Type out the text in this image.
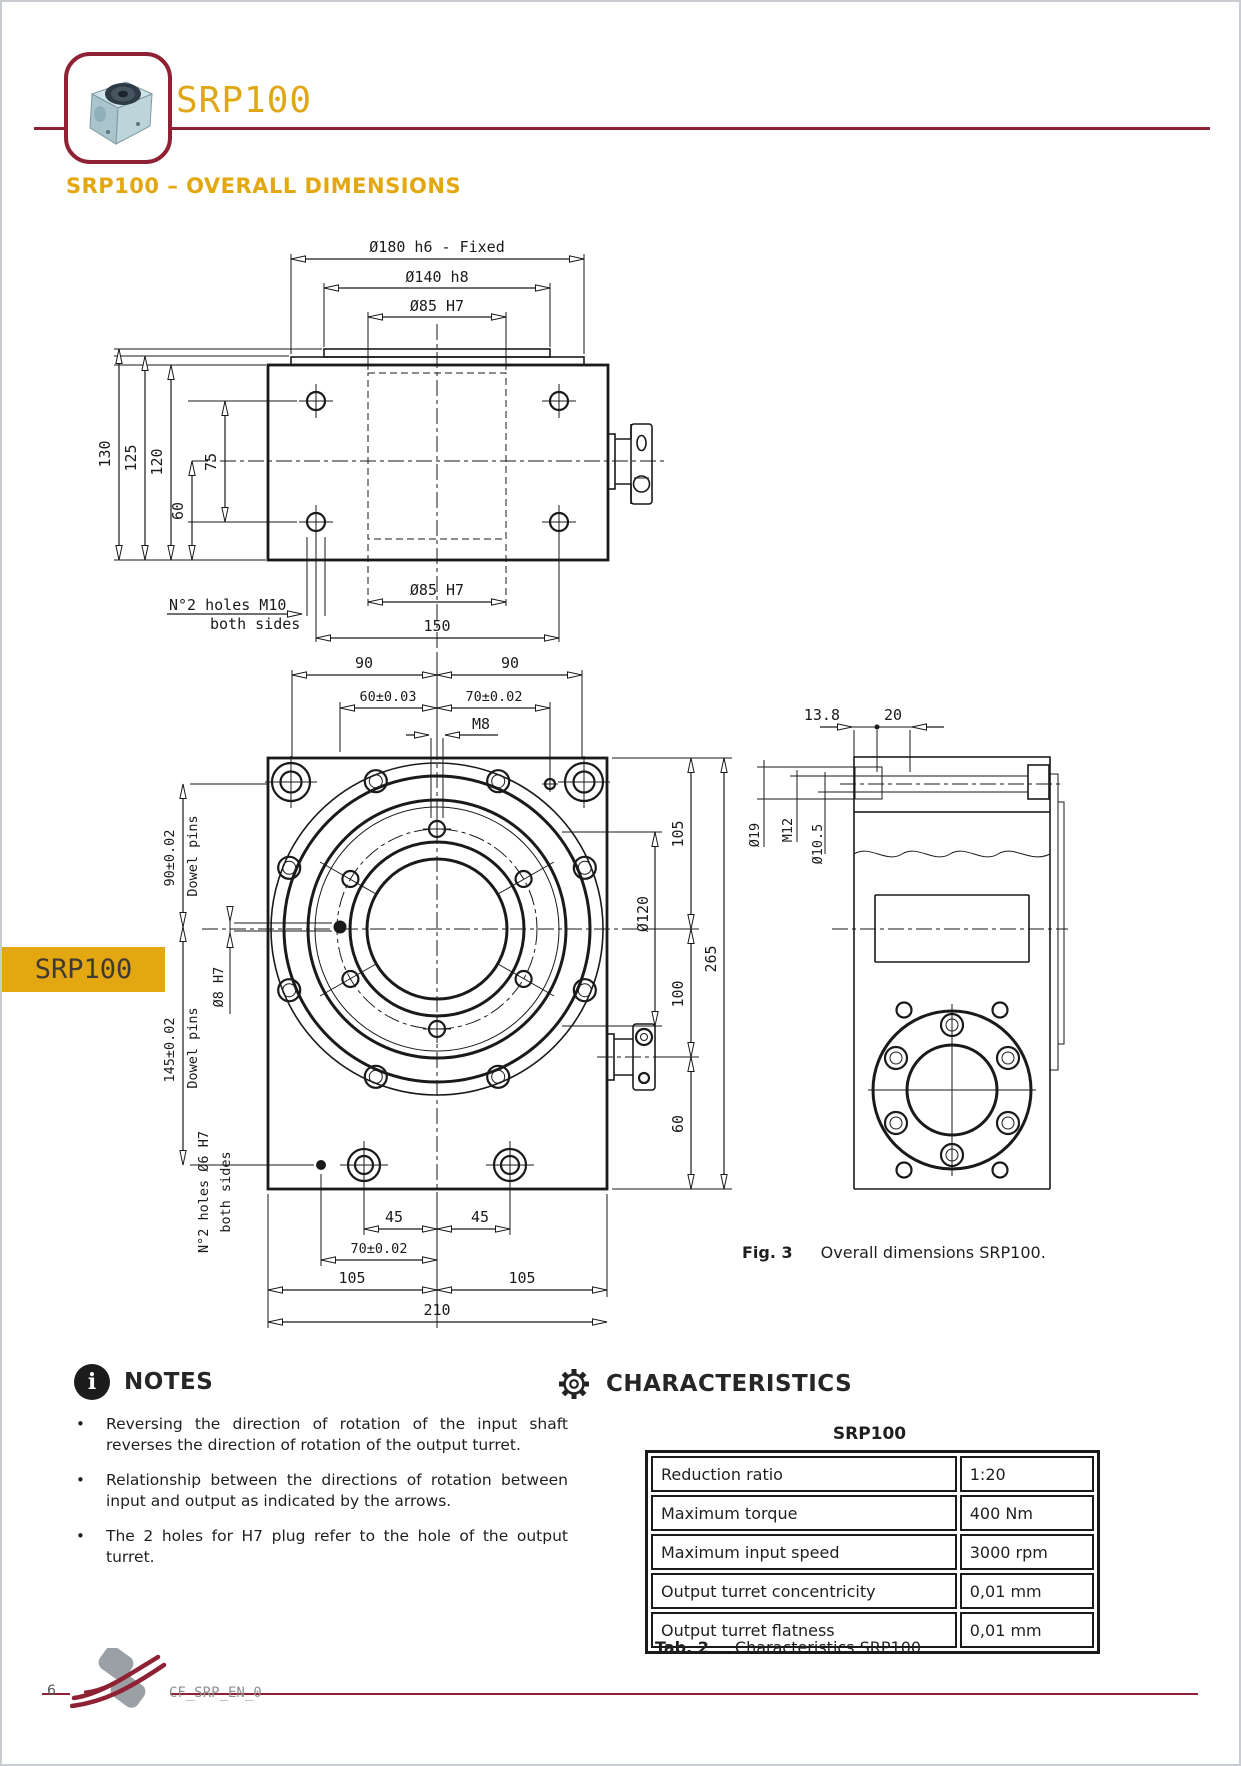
SRP100
SRP100 – OVERALL DIMENSIONS
SRP100
Ø180 h6 - Fixed
Ø140 h8
Ø85 H7
130 125 120 75
60
N°2 holes M10
both sides
Ø85 H7
150
90	90
60±0.03	70±0.02
M8
90±0.02 Dowel pins
Ø8 H7
145±0.02 Dowel pins
N°2 holes Ø6 H7 both sides
105
Ø120
100
60
265
45	45
70±0.02
105	105
210
13.8	20
Ø19 M12 Ø10.5
Fig. 3 Overall dimensions SRP100.
i	NOTES
•	Reversing the direction of rotation of the input shaft reverses the direction of rotation of the output turret.
•	Relationship between the directions of rotation between input and output as indicated by the arrows.
•	The 2 holes for H7 plug refer to the hole of the output turret.
CHARACTERISTICS
SRP100
Reduction ratio	1:20
Maximum torque	400 Nm
Maximum input speed	3000 rpm
Output turret concentricity	0,01 mm
Output turret flatness	0,01 mm
Tab. 2 Characteristics SRP100.
6	CF_SRP_EN_0
